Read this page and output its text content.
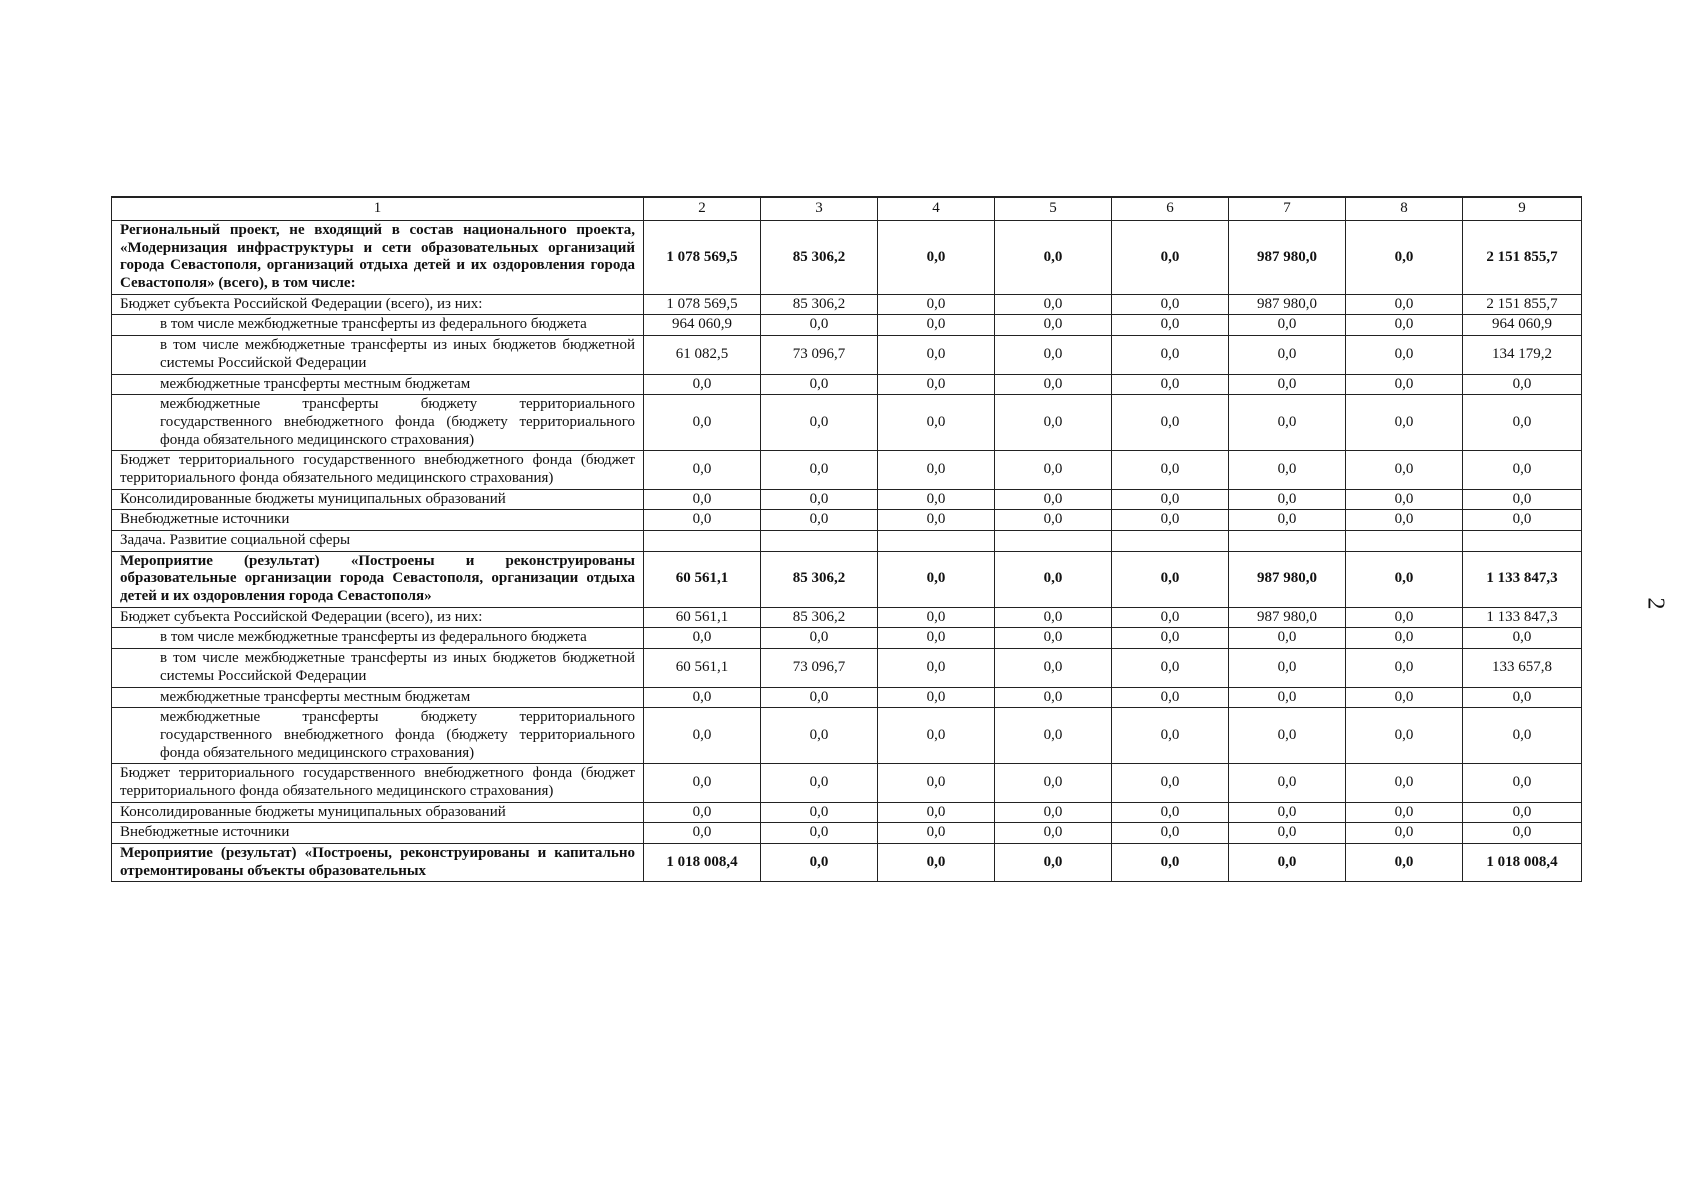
2
1	2	3	4	5	6	7	8	9
Региональный проект, не входящий в состав национального проекта, «Модернизация инфраструктуры и сети образовательных организаций города Севастополя, организаций отдыха детей и их оздоровления города Севастополя» (всего), в том числе:	1 078 569,5	85 306,2	0,0	0,0	0,0	987 980,0	0,0	2 151 855,7
Бюджет субъекта Российской Федерации (всего), из них:	1 078 569,5	85 306,2	0,0	0,0	0,0	987 980,0	0,0	2 151 855,7
в том числе межбюджетные трансферты из федерального бюджета	964 060,9	0,0	0,0	0,0	0,0	0,0	0,0	964 060,9
в том числе межбюджетные трансферты из иных бюджетов бюджетной системы Российской Федерации	61 082,5	73 096,7	0,0	0,0	0,0	0,0	0,0	134 179,2
межбюджетные трансферты местным бюджетам	0,0	0,0	0,0	0,0	0,0	0,0	0,0	0,0
межбюджетные трансферты бюджету территориального государственного внебюджетного фонда (бюджету территориального фонда обязательного медицинского страхования)	0,0	0,0	0,0	0,0	0,0	0,0	0,0	0,0
Бюджет территориального государственного внебюджетного фонда (бюджет территориального фонда обязательного медицинского страхования)	0,0	0,0	0,0	0,0	0,0	0,0	0,0	0,0
Консолидированные бюджеты муниципальных образований	0,0	0,0	0,0	0,0	0,0	0,0	0,0	0,0
Внебюджетные источники	0,0	0,0	0,0	0,0	0,0	0,0	0,0	0,0
Задача. Развитие социальной сферы								
Мероприятие (результат) «Построены и реконструированы образовательные организации города Севастополя, организации отдыха детей и их оздоровления города Севастополя»	60 561,1	85 306,2	0,0	0,0	0,0	987 980,0	0,0	1 133 847,3
Бюджет субъекта Российской Федерации (всего), из них:	60 561,1	85 306,2	0,0	0,0	0,0	987 980,0	0,0	1 133 847,3
в том числе межбюджетные трансферты из федерального бюджета	0,0	0,0	0,0	0,0	0,0	0,0	0,0	0,0
в том числе межбюджетные трансферты из иных бюджетов бюджетной системы Российской Федерации	60 561,1	73 096,7	0,0	0,0	0,0	0,0	0,0	133 657,8
межбюджетные трансферты местным бюджетам	0,0	0,0	0,0	0,0	0,0	0,0	0,0	0,0
межбюджетные трансферты бюджету территориального государственного внебюджетного фонда (бюджету территориального фонда обязательного медицинского страхования)	0,0	0,0	0,0	0,0	0,0	0,0	0,0	0,0
Бюджет территориального государственного внебюджетного фонда (бюджет территориального фонда обязательного медицинского страхования)	0,0	0,0	0,0	0,0	0,0	0,0	0,0	0,0
Консолидированные бюджеты муниципальных образований	0,0	0,0	0,0	0,0	0,0	0,0	0,0	0,0
Внебюджетные источники	0,0	0,0	0,0	0,0	0,0	0,0	0,0	0,0
Мероприятие (результат) «Построены, реконструированы и капитально отремонтированы объекты образовательных	1 018 008,4	0,0	0,0	0,0	0,0	0,0	0,0	1 018 008,4
